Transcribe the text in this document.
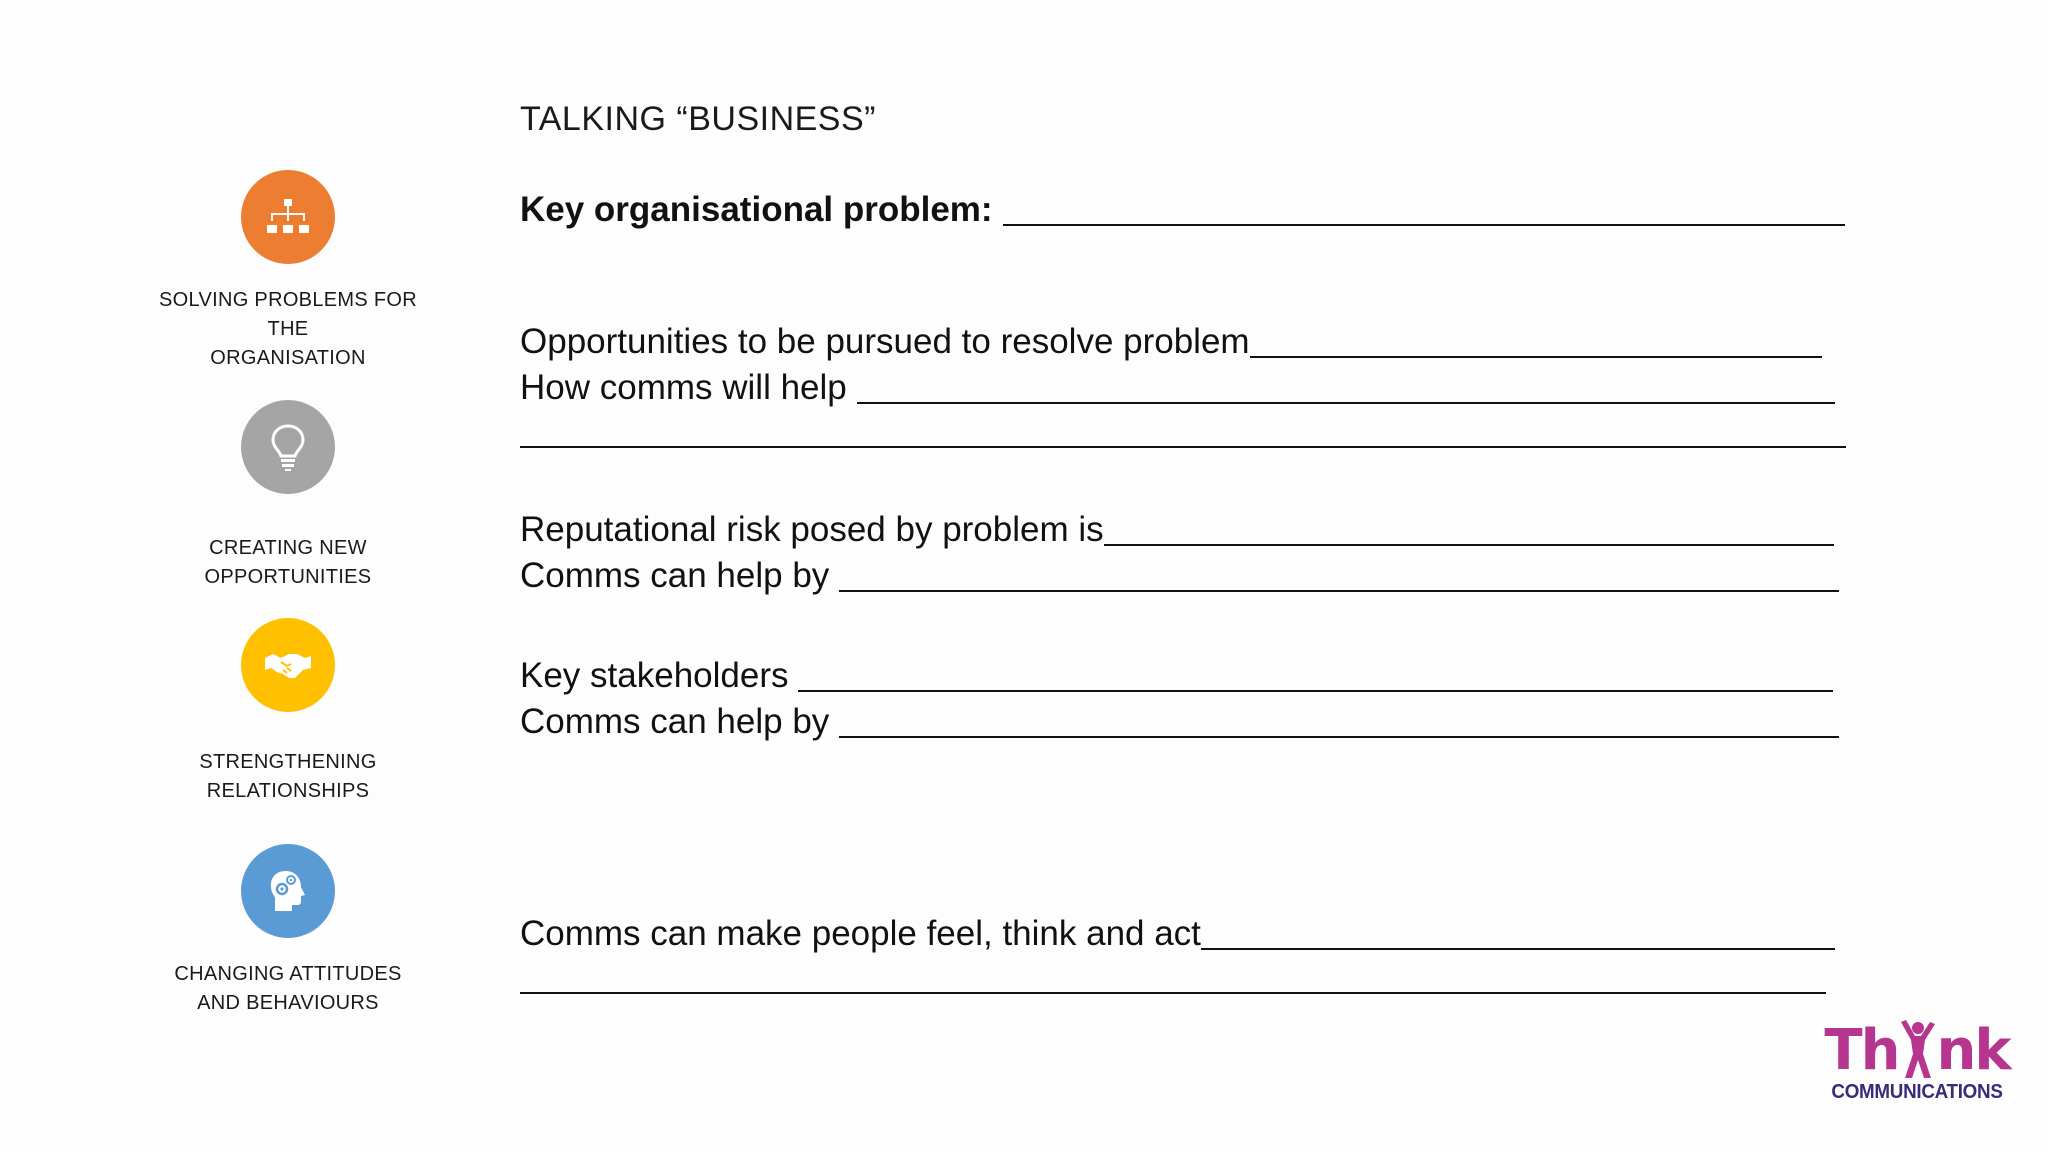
TALKING “BUSINESS”
SOLVING PROBLEMS FOR THE
ORGANISATION
CREATING NEW
OPPORTUNITIES
STRENGTHENING
RELATIONSHIPS
CHANGING ATTITUDES
AND BEHAVIOURS
Key organisational problem:
Opportunities to be pursued to resolve problem
How comms will help
Reputational risk posed by problem is
Comms can help by
Key stakeholders
Comms can help by
Comms can make people feel, think and act
Th nk
COMMUNICATIONS
